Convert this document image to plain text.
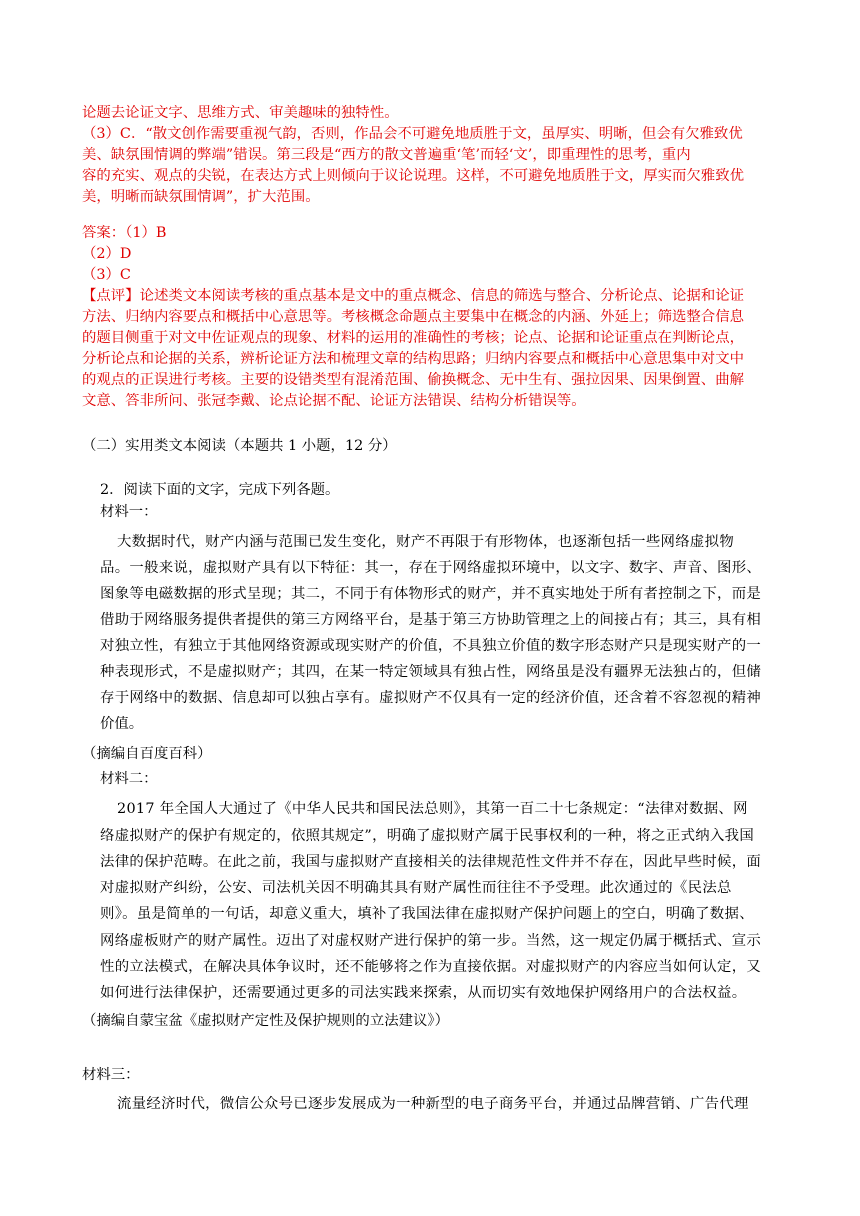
论题去论证文字、思维方式、审美趣味的独特性。
（3）C．“散文创作需要重视气韵，否则，作品会不可避免地质胜于文，虽厚实、明晰，但会有欠雅致优
美、缺氛围情调的弊端”错误。第三段是“西方的散文普遍重‘笔’而轻‘文’，即重理性的思考，重内
容的充实、观点的尖锐，在表达方式上则倾向于议论说理。这样，不可避免地质胜于文，厚实而欠雅致优
美，明晰而缺氛围情调”，扩大范围。
答案：（1）B
（2）D
（3）C
【点评】论述类文本阅读考核的重点基本是文中的重点概念、信息的筛选与整合、分析论点、论据和论证
方法、归纳内容要点和概括中心意思等。考核概念命题点主要集中在概念的内涵、外延上；筛选整合信息
的题目侧重于对文中佐证观点的现象、材料的运用的准确性的考核；论点、论据和论证重点在判断论点，
分析论点和论据的关系，辨析论证方法和梳理文章的结构思路；归纳内容要点和概括中心意思集中对文中
的观点的正误进行考核。主要的设错类型有混淆范围、偷换概念、无中生有、强拉因果、因果倒置、曲解
文意、答非所问、张冠李戴、论点论据不配、论证方法错误、结构分析错误等。
（二）实用类文本阅读（本题共 1 小题，12 分）
2．阅读下面的文字，完成下列各题。
材料一：
大数据时代，财产内涵与范围已发生变化，财产不再限于有形物体，也逐渐包括一些网络虚拟物
品。一般来说，虚拟财产具有以下特征：其一，存在于网络虚拟环境中，以文字、数字、声音、图形、
图象等电磁数据的形式呈现；其二，不同于有体物形式的财产，并不真实地处于所有者控制之下，而是
借助于网络服务提供者提供的第三方网络平台，是基于第三方协助管理之上的间接占有；其三，具有相
对独立性，有独立于其他网络资源或现实财产的价值，不具独立价值的数字形态财产只是现实财产的一
种表现形式，不是虚拟财产；其四，在某一特定领域具有独占性，网络虽是没有疆界无法独占的，但储
存于网络中的数据、信息却可以独占享有。虚拟财产不仅具有一定的经济价值，还含着不容忽视的精神
价值。
（摘编自百度百科）
材料二：
2017 年全国人大通过了《中华人民共和国民法总则》，其第一百二十七条规定：“法律对数据、网
络虚拟财产的保护有规定的，依照其规定”，明确了虚拟财产属于民事权利的一种，将之正式纳入我国
法律的保护范畴。在此之前，我国与虚拟财产直接相关的法律规范性文件并不存在，因此早些时候，面
对虚拟财产纠纷，公安、司法机关因不明确其具有财产属性而往往不予受理。此次通过的《民法总
则》。虽是简单的一句话，却意义重大，填补了我国法律在虚拟财产保护问题上的空白，明确了数据、
网络虚板财产的财产属性。迈出了对虚权财产进行保护的第一步。当然，这一规定仍属于概括式、宣示
性的立法模式，在解决具体争议时，还不能够将之作为直接依据。对虚拟财产的内容应当如何认定，又
如何进行法律保护，还需要通过更多的司法实践来探索，从而切实有效地保护网络用户的合法权益。
（摘编自蒙宝盆《虚拟财产定性及保护规则的立法建议》）
材料三：
流量经济时代，微信公众号已逐步发展成为一种新型的电子商务平台，并通过品牌营销、广告代理
